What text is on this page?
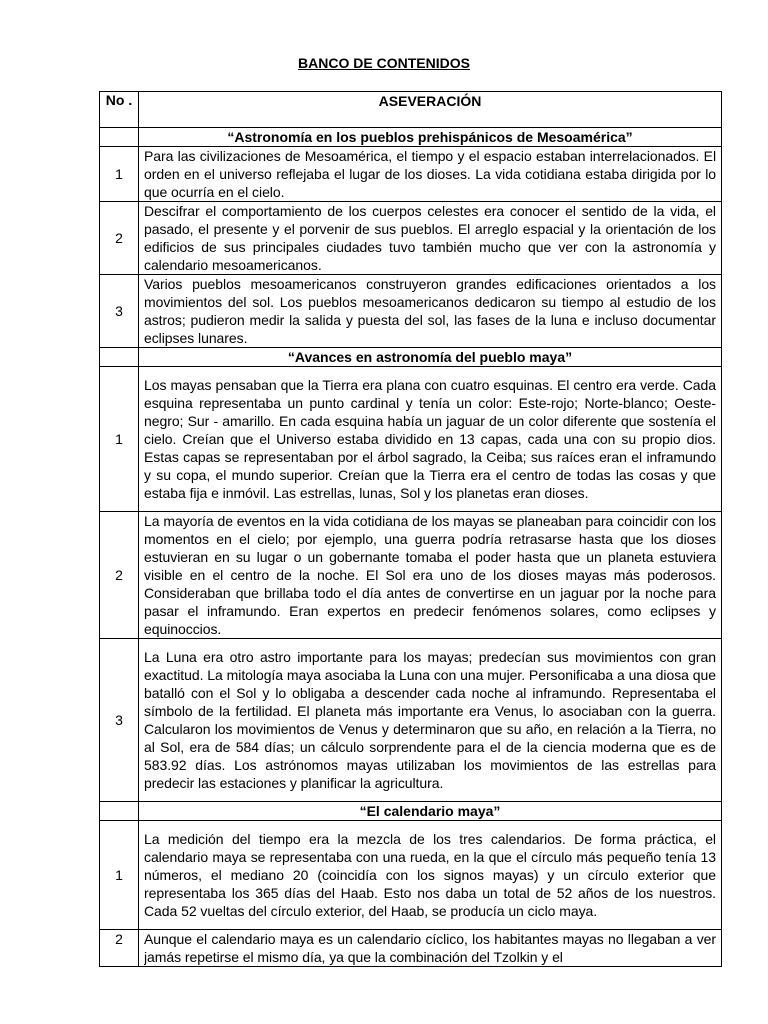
BANCO DE CONTENIDOS
No .	ASEVERACIÓN
	“Astronomía en los pueblos prehispánicos de Mesoamérica”
1	Para las civilizaciones de Mesoamérica, el tiempo y el espacio estaban interrelacionados. El orden en el universo reflejaba el lugar de los dioses. La vida cotidiana estaba dirigida por lo que ocurría en el cielo.
2	Descifrar el comportamiento de los cuerpos celestes era conocer el sentido de la vida, el pasado, el presente y el porvenir de sus pueblos. El arreglo espacial y la orientación de los edificios de sus principales ciudades tuvo también mucho que ver con la astronomía y calendario mesoamericanos.
3	Varios pueblos mesoamericanos construyeron grandes edificaciones orientados a los movimientos del sol. Los pueblos mesoamericanos dedicaron su tiempo al estudio de los astros; pudieron medir la salida y puesta del sol, las fases de la luna e incluso documentar eclipses lunares.
	“Avances en astronomía del pueblo maya”
1	Los mayas pensaban que la Tierra era plana con cuatro esquinas. El centro era verde. Cada esquina representaba un punto cardinal y tenía un color: Este-rojo; Norte-blanco; Oeste-negro; Sur - amarillo. En cada esquina había un jaguar de un color diferente que sostenía el cielo. Creían que el Universo estaba dividido en 13 capas, cada una con su propio dios. Estas capas se representaban por el árbol sagrado, la Ceiba; sus raíces eran el inframundo y su copa, el mundo superior. Creían que la Tierra era el centro de todas las cosas y que estaba fija e inmóvil. Las estrellas, lunas, Sol y los planetas eran dioses.
2	La mayoría de eventos en la vida cotidiana de los mayas se planeaban para coincidir con los momentos en el cielo; por ejemplo, una guerra podría retrasarse hasta que los dioses estuvieran en su lugar o un gobernante tomaba el poder hasta que un planeta estuviera visible en el centro de la noche. El Sol era uno de los dioses mayas más poderosos. Consideraban que brillaba todo el día antes de convertirse en un jaguar por la noche para pasar el inframundo. Eran expertos en predecir fenómenos solares, como eclipses y equinoccios.
3	La Luna era otro astro importante para los mayas; predecían sus movimientos con gran exactitud. La mitología maya asociaba la Luna con una mujer. Personificaba a una diosa que batalló con el Sol y lo obligaba a descender cada noche al inframundo. Representaba el símbolo de la fertilidad. El planeta más importante era Venus, lo asociaban con la guerra. Calcularon los movimientos de Venus y determinaron que su año, en relación a la Tierra, no al Sol, era de 584 días; un cálculo sorprendente para el de la ciencia moderna que es de 583.92 días. Los astrónomos mayas utilizaban los movimientos de las estrellas para predecir las estaciones y planificar la agricultura.
	“El calendario maya”
1	La medición del tiempo era la mezcla de los tres calendarios. De forma práctica, el calendario maya se representaba con una rueda, en la que el círculo más pequeño tenía 13 números, el mediano 20 (coincidía con los signos mayas) y un círculo exterior que representaba los 365 días del Haab. Esto nos daba un total de 52 años de los nuestros. Cada 52 vueltas del círculo exterior, del Haab, se producía un ciclo maya.
2	Aunque el calendario maya es un calendario cíclico, los habitantes mayas no llegaban a ver jamás repetirse el mismo día, ya que la combinación del Tzolkin y el
